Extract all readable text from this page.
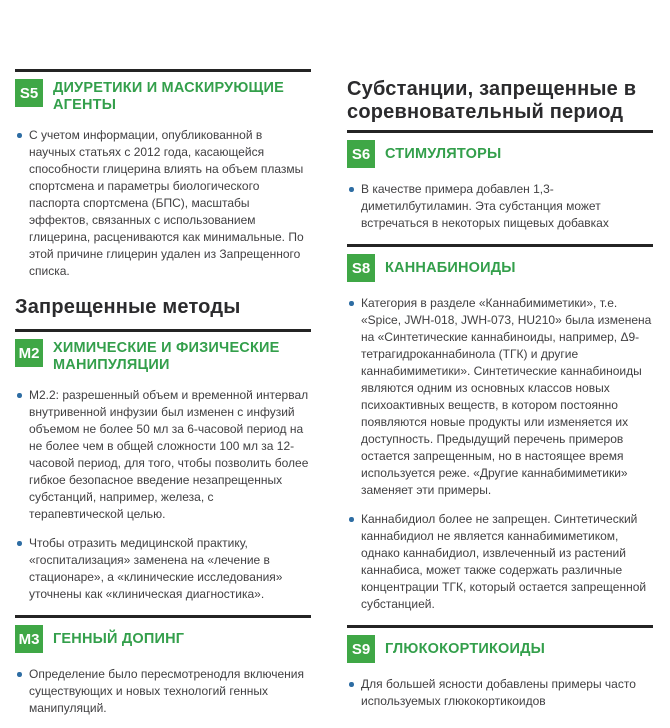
S5	ДИУРЕТИКИ И МАСКИРУЮЩИЕ АГЕНТЫ
С учетом информации, опубликованной в научных статьях с 2012 года, касающейся способности глицерина влиять на объем плазмы спортсмена и параметры биологического паспорта спортсмена (БПС), масштабы эффектов, связанных с использованием глицерина, расцениваются как минимальные. По этой причине глицерин удален из Запрещенного списка.
Запрещенные методы
M2 ХИМИЧЕСКИЕ И ФИЗИЧЕСКИЕ МАНИПУЛЯЦИИ
М2.2: разрешенный объем и временной интервал внутривенной инфузии был изменен с инфузий объемом не более 50 мл за 6-часовой период на не более чем в общей сложности 100 мл за 12-часовой период, для того, чтобы позволить более гибкое безопасное введение незапрещенных субстанций, например, железа, с терапевтической целью.
Чтобы отразить медицинской практику, «госпитализация» заменена на «лечение в стационаре», а «клинические исследования» уточнены как «клиническая диагностика».
M3 ГЕННЫЙ ДОПИНГ
Определение было пересмотренодля включения существующих и новых технологий генных манипуляций.
Субстанции, запрещенные в соревновательный период
S6	СТИМУЛЯТОРЫ
В качестве примера добавлен 1,3-диметилбутиламин. Эта субстанция может встречаться в некоторых пищевых добавках
S8	КАННАБИНОИДЫ
Категория в разделе «Каннабимиметики», т.е. «Spice, JWH-018, JWH-073, HU210» была изменена на «Синтетические каннабиноиды, например, Δ9-тетрагидроканнабинола (ТГК) и другие каннабимиметики». Синтетические каннабиноиды являются одним из основных классов новых психоактивных веществ, в котором постоянно появляются новые продукты или изменяется их доступность. Предыдущий перечень примеров остается запрещенным, но в настоящее время используется реже. «Другие каннабимиметики» заменяет эти примеры.
Каннабидиол более не запрещен. Синтетический каннабидиол не является каннабимиметиком, однако каннабидиол, извлеченный из растений каннабиса, может также содержать различные концентрации ТГК, который остается запрещенной субстанцией.
S9	ГЛЮКОКОРТИКОИДЫ
Для большей ясности добавлены примеры часто используемых глюкокортикоидов
